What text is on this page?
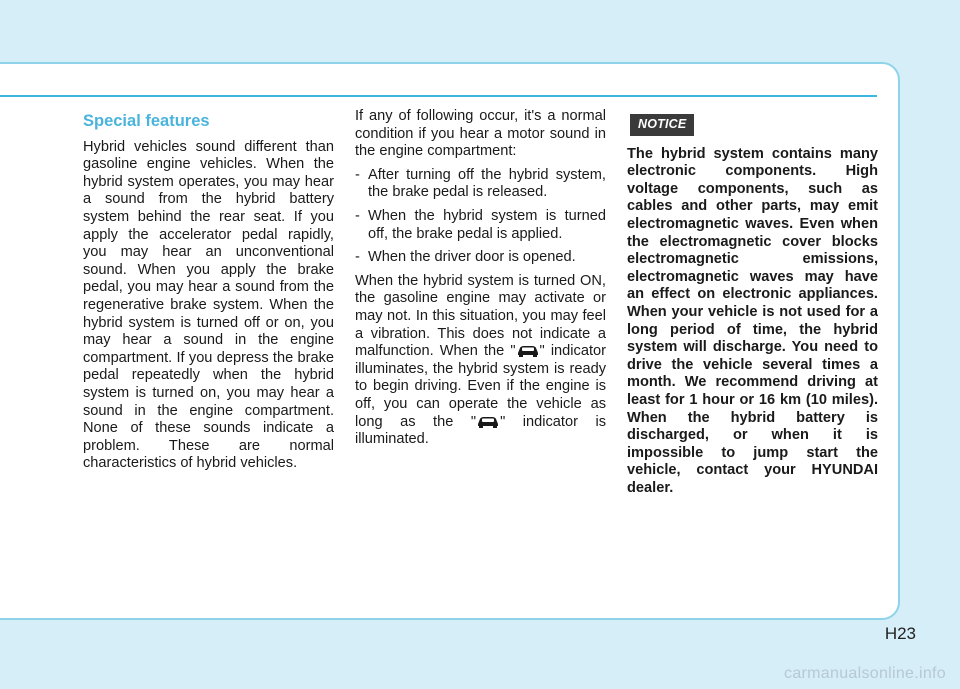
Special features

Hybrid vehicles sound different than gasoline engine vehicles. When the hybrid system operates, you may hear a sound from the hybrid battery system behind the rear seat. If you apply the accelerator pedal rapidly, you may hear an unconventional sound. When you apply the brake pedal, you may hear a sound from the regenerative brake system. When the hybrid system is turned off or on, you may hear a sound in the engine compartment. If you depress the brake pedal repeatedly when the hybrid system is turned on, you may hear a sound in the engine compartment. None of these sounds indicate a problem. These are normal characteristics of hybrid vehicles.

If any of following occur, it's a normal condition if you hear a motor sound in the engine compartment:

- After turning off the hybrid system, the brake pedal is released.
- When the hybrid system is turned off, the brake pedal is applied.
- When the driver door is opened.

When the hybrid system is turned ON, the gasoline engine may activate or may not. In this situation, you may feel a vibration. This does not indicate a malfunction. When the " " indicator illuminates, the hybrid system is ready to begin driving. Even if the engine is off, you can operate the vehicle as long as the " " indicator is illuminated.

NOTICE

The hybrid system contains many electronic components. High voltage components, such as cables and other parts, may emit electromagnetic waves. Even when the electromagnetic cover blocks electromagnetic emissions, electromagnetic waves may have an effect on electronic appliances. When your vehicle is not used for a long period of time, the hybrid system will discharge. You need to drive the vehicle several times a month. We recommend driving at least for 1 hour or 16 km (10 miles). When the hybrid battery is discharged, or when it is impossible to jump start the vehicle, contact your HYUNDAI dealer.

H23
carmanualsonline.info
